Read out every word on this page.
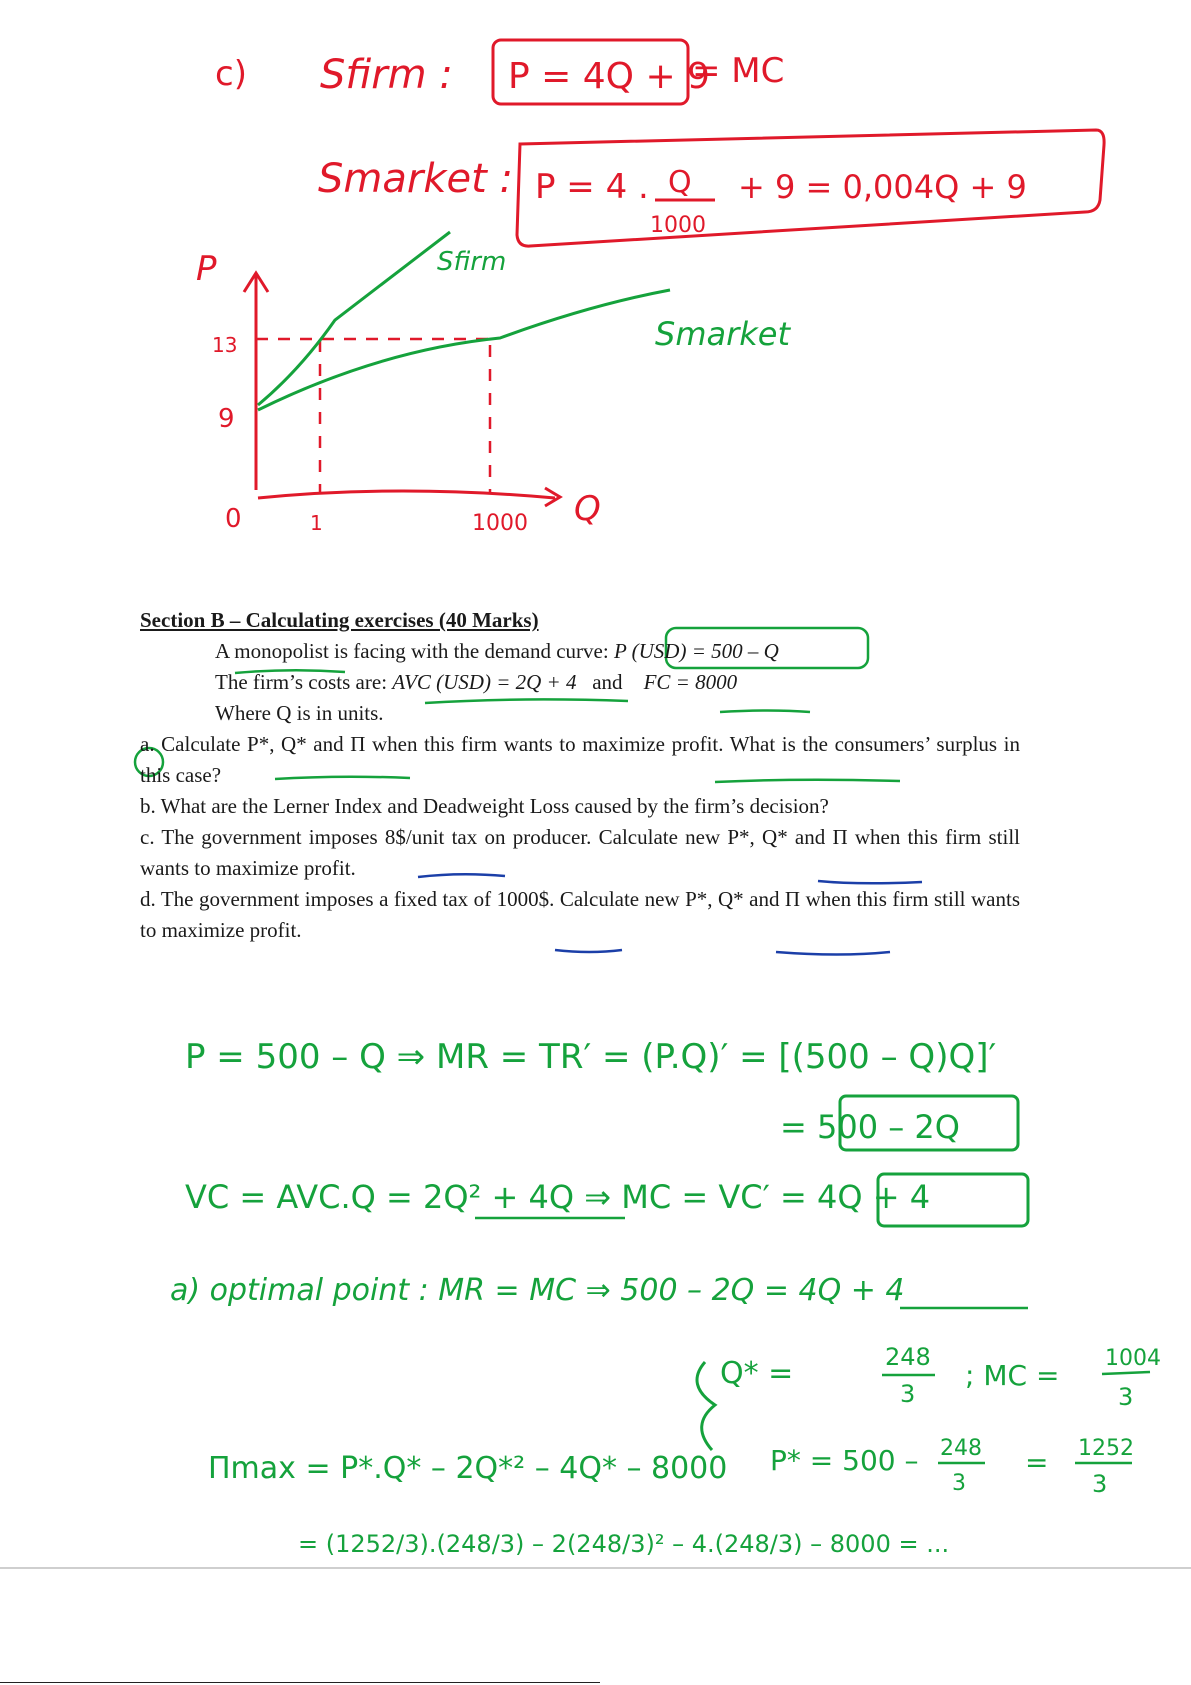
c) Sfirm : P = 4Q + 9
= MC
Smarket : P = 4 . Q
1000
+ 9 = 0,004Q + 9
P
Q
13
9
0	1	1000
Sfirm
Smarket
P = 500 – Q ⇒ MR = TR′ = (P.Q)′ = [(500 – Q)Q]′
= 500 – 2Q
VC = AVC.Q = 2Q² + 4Q ⇒ MC = VC′ = 4Q + 4
a) optimal point : MR = MC ⇒ 500 – 2Q = 4Q + 4
Q* =	248
3
; MC =
1004
3
Πmax = P*.Q* – 2Q*² – 4Q* – 8000 P* = 500 – 248
3
= 1252
3
= (1252/3).(248/3) – 2(248/3)² – 4.(248/3) – 8000 = ...

Section B – Calculating exercises (40 Marks)

A monopolist is facing with the demand curve: P (USD) = 500 – Q

The firm’s costs are: AVC (USD) = 2Q + 4   and    FC = 8000

Where Q is in units.

a. Calculate P*, Q* and Π when this firm wants to maximize profit. What is the consumers’ surplus in this case?

b. What are the Lerner Index and Deadweight Loss caused by the firm’s decision?

c. The government imposes 8$/unit tax on producer. Calculate new P*, Q* and Π when this firm still wants to maximize profit.

d. The government imposes a fixed tax of 1000$. Calculate new P*, Q* and Π when this firm still wants to maximize profit.
